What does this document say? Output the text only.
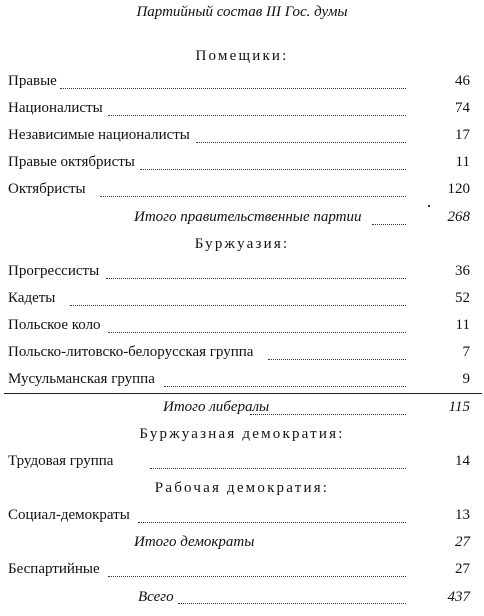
Партийный состав III Гос. думы
Помещики:
Правые	46
Националисты	74
Независимые националисты	17
Правые октябристы	11
Октябристы	120
Итого правительственные партии	268
Буржуазия:
Прогрессисты	36
Кадеты	52
Польское коло	11
Польско-литовско-белорусская группа	7
Мусульманская группа	9
Итого либералы	115
Буржуазная демократия:
Трудовая группа	14
Рабочая демократия:
Социал-демократы	13
Итого демократы	27
Беспартийные	27
Всего	437
